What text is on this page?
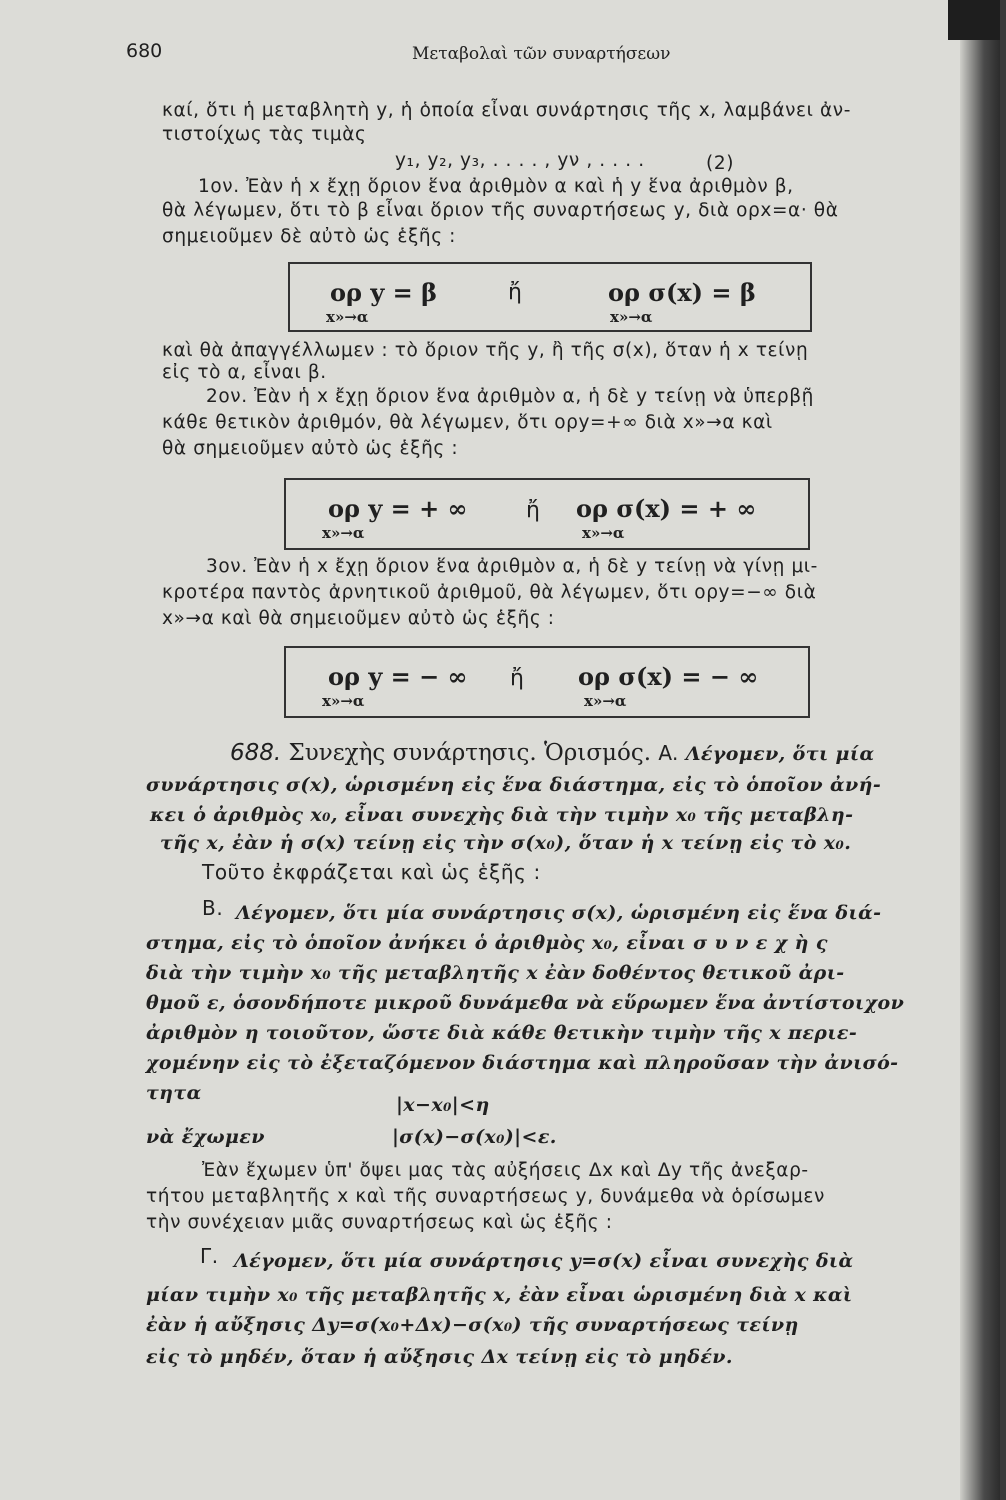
680	Μεταβολαὶ τῶν συναρτήσεων
καί, ὅτι ἡ μεταβλητὴ y, ἡ ὁποία εἶναι συνάρτησις τῆς x, λαμβάνει ἀν-
τιστοίχως τὰς τιμὰς
y₁, y₂, y₃, . . . . , yν , . . . .	(2)
1ον. Ἐὰν ἡ x ἔχῃ ὅριον ἕνα ἀριθμὸν α καὶ ἡ y ἕνα ἀριθμὸν β,
θὰ λέγωμεν, ὅτι τὸ β εἶναι ὅριον τῆς συναρτήσεως y, διὰ ορx=α· θὰ
σημειοῦμεν δὲ αὐτὸ ὡς ἑξῆς :
ορ y = β
x»→α
ἤ	ορ σ(x) = β
x»→α
καὶ θὰ ἀπαγγέλλωμεν : τὸ ὅριον τῆς y, ἢ τῆς σ(x), ὅταν ἡ x τείνῃ
εἰς τὸ α, εἶναι β.
2ον. Ἐὰν ἡ x ἔχῃ ὅριον ἕνα ἀριθμὸν α, ἡ δὲ y τείνῃ νὰ ὑπερβῇ
κάθε θετικὸν ἀριθμόν, θὰ λέγωμεν, ὅτι ορy=+∞ διὰ x»→α καὶ
θὰ σημειοῦμεν αὐτὸ ὡς ἑξῆς :
ορ y = + ∞
x»→α
ἤ ορ σ(x) = + ∞
x»→α
3ον. Ἐὰν ἡ x ἔχῃ ὅριον ἕνα ἀριθμὸν α, ἡ δὲ y τείνῃ νὰ γίνῃ μι-
κροτέρα παντὸς ἀρνητικοῦ ἀριθμοῦ, θὰ λέγωμεν, ὅτι ορy=−∞ διὰ
x»→α καὶ θὰ σημειοῦμεν αὐτὸ ὡς ἑξῆς :
ορ y = − ∞
x»→α
ἤ ορ σ(x) = − ∞
x»→α
688. Συνεχὴς συνάρτησις. Ὁρισμός. Α. Λέγομεν, ὅτι μία
συνάρτησις σ(x), ὡρισμένη εἰς ἕνα διάστημα, εἰς τὸ ὁποῖον ἀνή-
κει ὁ ἀριθμὸς x₀, εἶναι συνεχὴς διὰ τὴν τιμὴν x₀ τῆς μεταβλη-
τῆς x, ἐὰν ἡ σ(x) τείνῃ εἰς τὴν σ(x₀), ὅταν ἡ x τείνῃ εἰς τὸ x₀.
Τοῦτο ἐκφράζεται καὶ ὡς ἑξῆς :
Β. Λέγομεν, ὅτι μία συνάρτησις σ(x), ὡρισμένη εἰς ἕνα διά-
στημα, εἰς τὸ ὁποῖον ἀνήκει ὁ ἀριθμὸς x₀, εἶναι σ υ ν ε χ ὴ ς
διὰ τὴν τιμὴν x₀ τῆς μεταβλητῆς x ἐὰν δοθέντος θετικοῦ ἀρι-
θμοῦ ε, ὁσονδήποτε μικροῦ δυνάμεθα νὰ εὕρωμεν ἕνα ἀντίστοιχον
ἀριθμὸν η τοιοῦτον, ὥστε διὰ κάθε θετικὴν τιμὴν τῆς x περιε-
χομένην εἰς τὸ ἐξεταζόμενον διάστημα καὶ πληροῦσαν τὴν ἀνισό-
τητα
|x−x₀|<η
νὰ ἔχωμεν	|σ(x)−σ(x₀)|<ε.
Ἐὰν ἔχωμεν ὑπ' ὄψει μας τὰς αὐξήσεις Δx καὶ Δy τῆς ἀνεξαρ-
τήτου μεταβλητῆς x καὶ τῆς συναρτήσεως y, δυνάμεθα νὰ ὁρίσωμεν
τὴν συνέχειαν μιᾶς συναρτήσεως καὶ ὡς ἑξῆς :
Γ. Λέγομεν, ὅτι μία συνάρτησις y=σ(x) εἶναι συνεχὴς διὰ
μίαν τιμὴν x₀ τῆς μεταβλητῆς x, ἐὰν εἶναι ὡρισμένη διὰ x καὶ
ἐὰν ἡ αὔξησις Δy=σ(x₀+Δx)−σ(x₀) τῆς συναρτήσεως τείνῃ
εἰς τὸ μηδέν, ὅταν ἡ αὔξησις Δx τείνῃ εἰς τὸ μηδέν.
